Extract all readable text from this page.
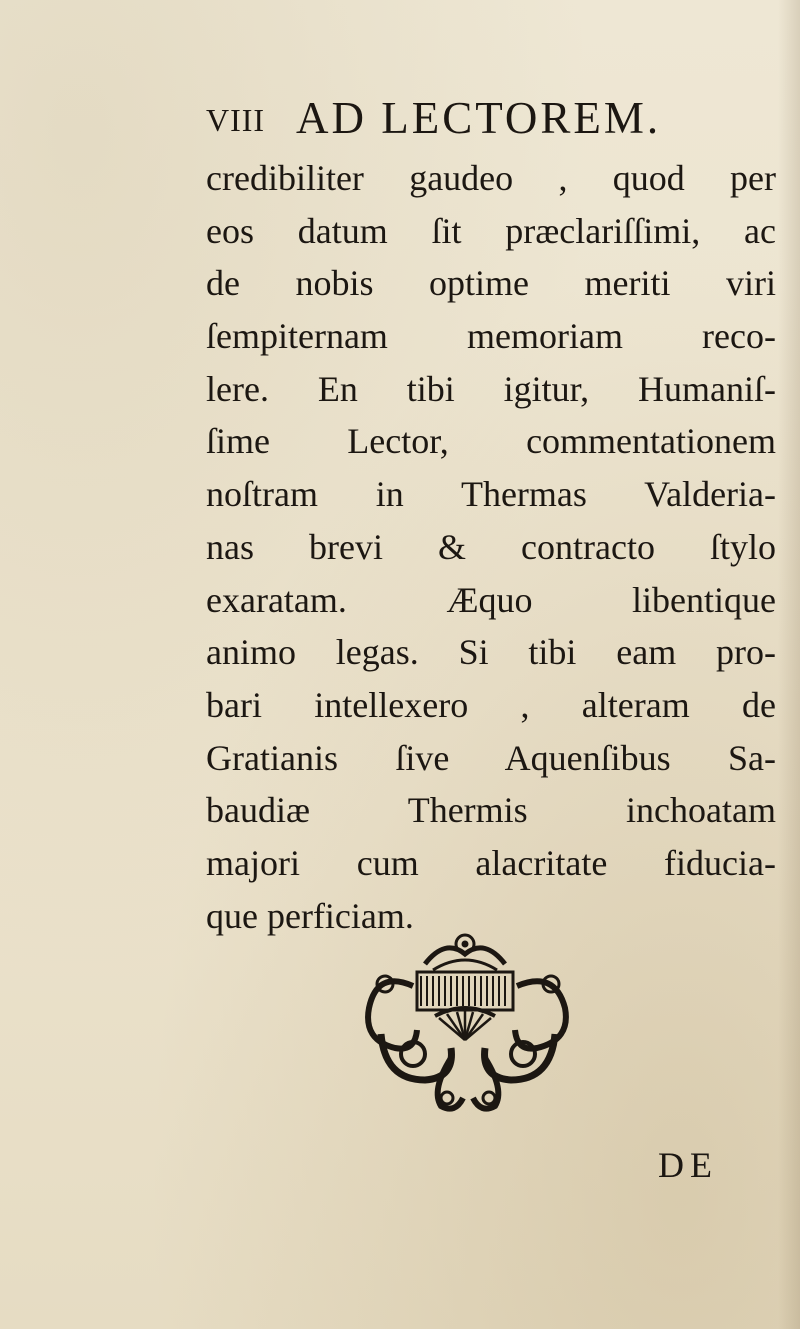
VIII AD LECTOREM.
credibiliter gaudeo , quod per
eos datum ſit præclariſſimi, ac
de nobis optime meriti viri
ſempiternam memoriam reco-
lere. En tibi igitur, Humaniſ-
ſime Lector, commentationem
noſtram in Thermas Valderia-
nas brevi & contracto ſtylo
exaratam. Æquo libentique
animo legas. Si tibi eam pro-
bari intellexero , alteram de
Gratianis ſive Aquenſibus Sa-
baudiæ Thermis inchoatam
majori cum alacritate fiducia-
que perficiam.
DE
